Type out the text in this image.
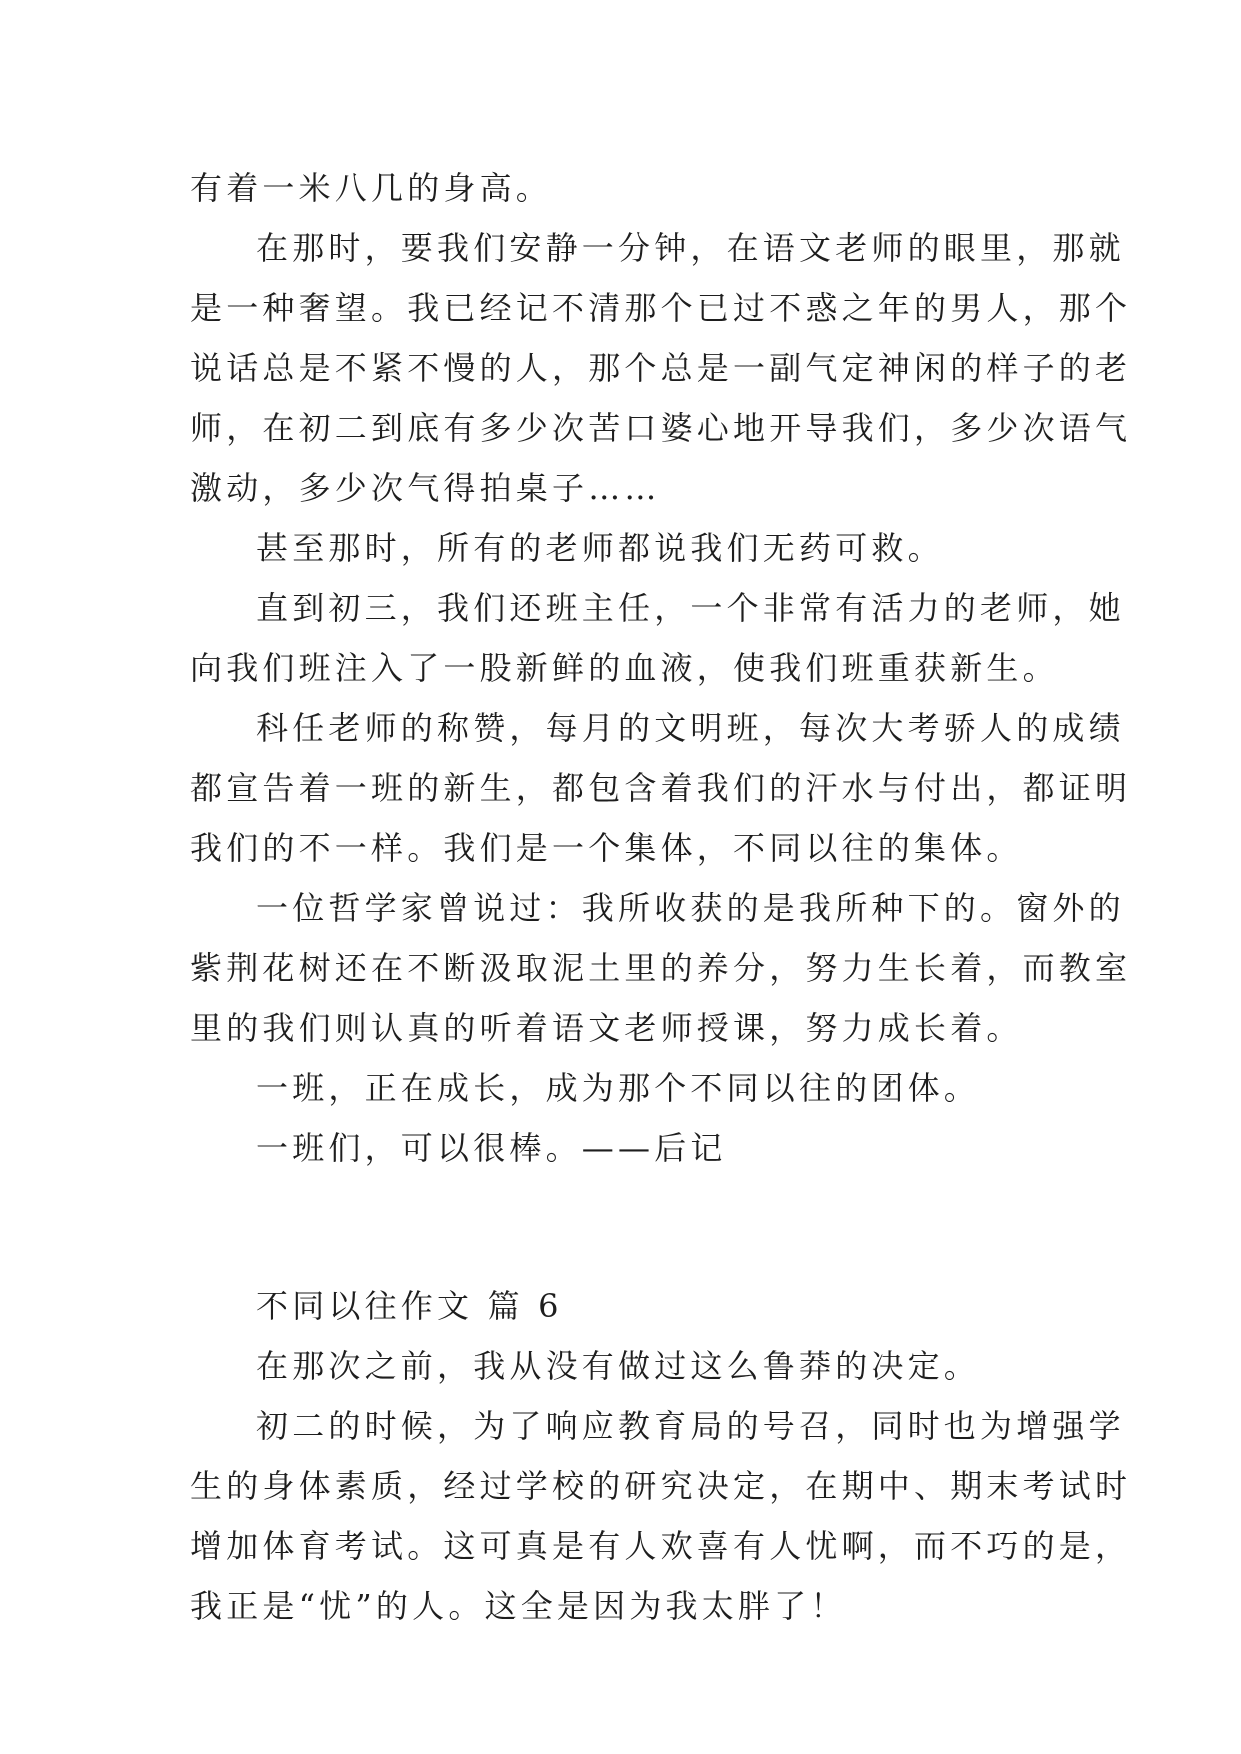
有着一米八几的身高。
在那时，要我们安静一分钟，在语文老师的眼里，那就
是一种奢望。我已经记不清那个已过不惑之年的男人，那个
说话总是不紧不慢的人，那个总是一副气定神闲的样子的老
师，在初二到底有多少次苦口婆心地开导我们，多少次语气
激动，多少次气得拍桌子……
甚至那时，所有的老师都说我们无药可救。
直到初三，我们还班主任，一个非常有活力的老师，她
向我们班注入了一股新鲜的血液，使我们班重获新生。
科任老师的称赞，每月的文明班，每次大考骄人的成绩
都宣告着一班的新生，都包含着我们的汗水与付出，都证明
我们的不一样。我们是一个集体，不同以往的集体。
一位哲学家曾说过：我所收获的是我所种下的。窗外的
紫荆花树还在不断汲取泥土里的养分，努力生长着，而教室
里的我们则认真的听着语文老师授课，努力成长着。
一班，正在成长，成为那个不同以往的团体。
一班们，可以很棒。——后记
不同以往作文 篇 6
在那次之前，我从没有做过这么鲁莽的决定。
初二的时候，为了响应教育局的号召，同时也为增强学
生的身体素质，经过学校的研究决定，在期中、期末考试时
增加体育考试。这可真是有人欢喜有人忧啊，而不巧的是，
我正是“忧”的人。这全是因为我太胖了！
